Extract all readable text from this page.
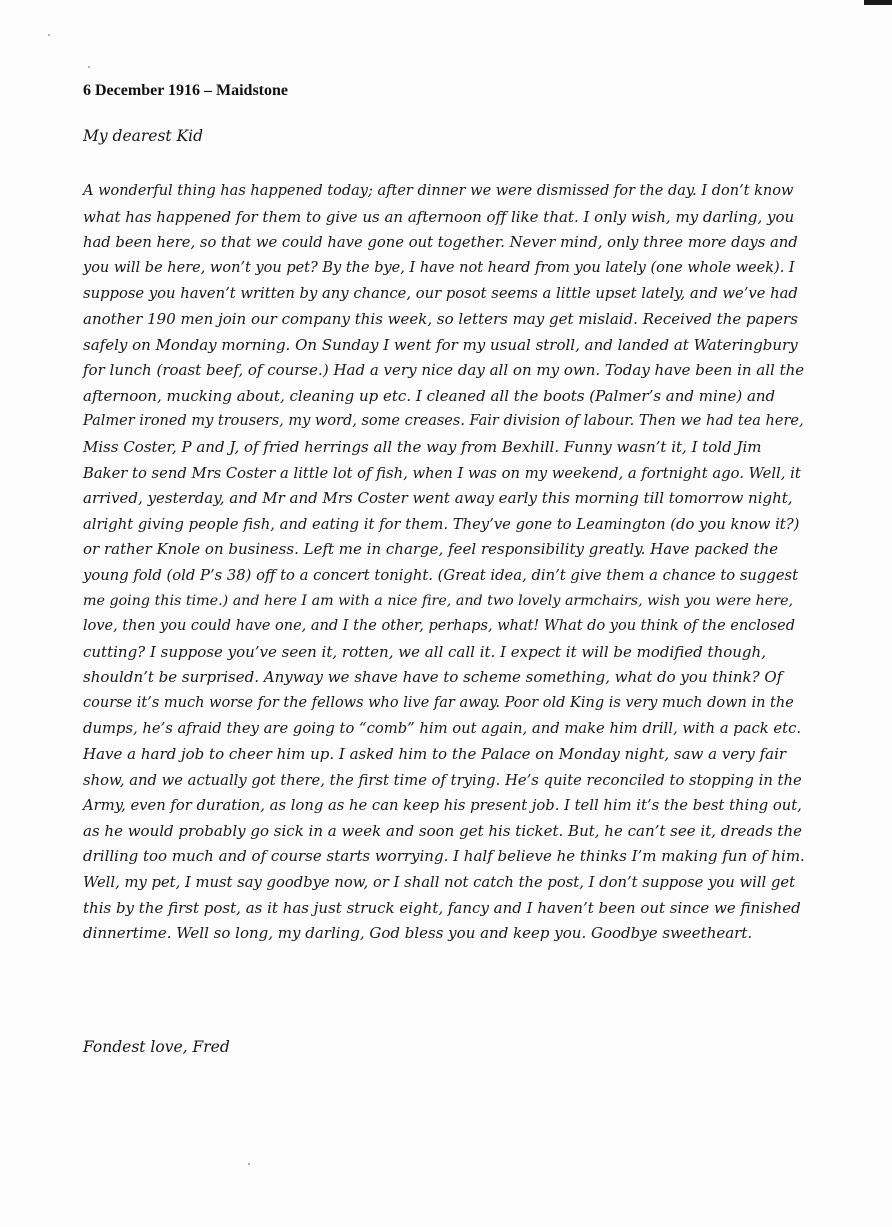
6 December 1916 – Maidstone
My dearest Kid
A wonderful thing has happened today; after dinner we were dismissed for the day. I don’t know
what has happened for them to give us an afternoon off like that. I only wish, my darling, you
had been here, so that we could have gone out together. Never mind, only three more days and
you will be here, won’t you pet? By the bye, I have not heard from you lately (one whole week). I
suppose you haven’t written by any chance, our posot seems a little upset lately, and we’ve had
another 190 men join our company this week, so letters may get mislaid. Received the papers
safely on Monday morning. On Sunday I went for my usual stroll, and landed at Wateringbury
for lunch (roast beef, of course.) Had a very nice day all on my own. Today have been in all the
afternoon, mucking about, cleaning up etc. I cleaned all the boots (Palmer’s and mine) and
Palmer ironed my trousers, my word, some creases. Fair division of labour. Then we had tea here,
Miss Coster, P and J, of fried herrings all the way from Bexhill. Funny wasn’t it, I told Jim
Baker to send Mrs Coster a little lot of fish, when I was on my weekend, a fortnight ago. Well, it
arrived, yesterday, and Mr and Mrs Coster went away early this morning till tomorrow night,
alright giving people fish, and eating it for them. They’ve gone to Leamington (do you know it?)
or rather Knole on business. Left me in charge, feel responsibility greatly. Have packed the
young fold (old P’s 38) off to a concert tonight. (Great idea, din’t give them a chance to suggest
me going this time.) and here I am with a nice fire, and two lovely armchairs, wish you were here,
love, then you could have one, and I the other, perhaps, what! What do you think of the enclosed
cutting? I suppose you’ve seen it, rotten, we all call it. I expect it will be modified though,
shouldn’t be surprised. Anyway we shave have to scheme something, what do you think? Of
course it’s much worse for the fellows who live far away. Poor old King is very much down in the
dumps, he’s afraid they are going to “comb” him out again, and make him drill, with a pack etc.
Have a hard job to cheer him up. I asked him to the Palace on Monday night, saw a very fair
show, and we actually got there, the first time of trying. He’s quite reconciled to stopping in the
Army, even for duration, as long as he can keep his present job. I tell him it’s the best thing out,
as he would probably go sick in a week and soon get his ticket. But, he can’t see it, dreads the
drilling too much and of course starts worrying. I half believe he thinks I’m making fun of him.
Well, my pet, I must say goodbye now, or I shall not catch the post, I don’t suppose you will get
this by the first post, as it has just struck eight, fancy and I haven’t been out since we finished
dinnertime. Well so long, my darling, God bless you and keep you. Goodbye sweetheart.
Fondest love, Fred
